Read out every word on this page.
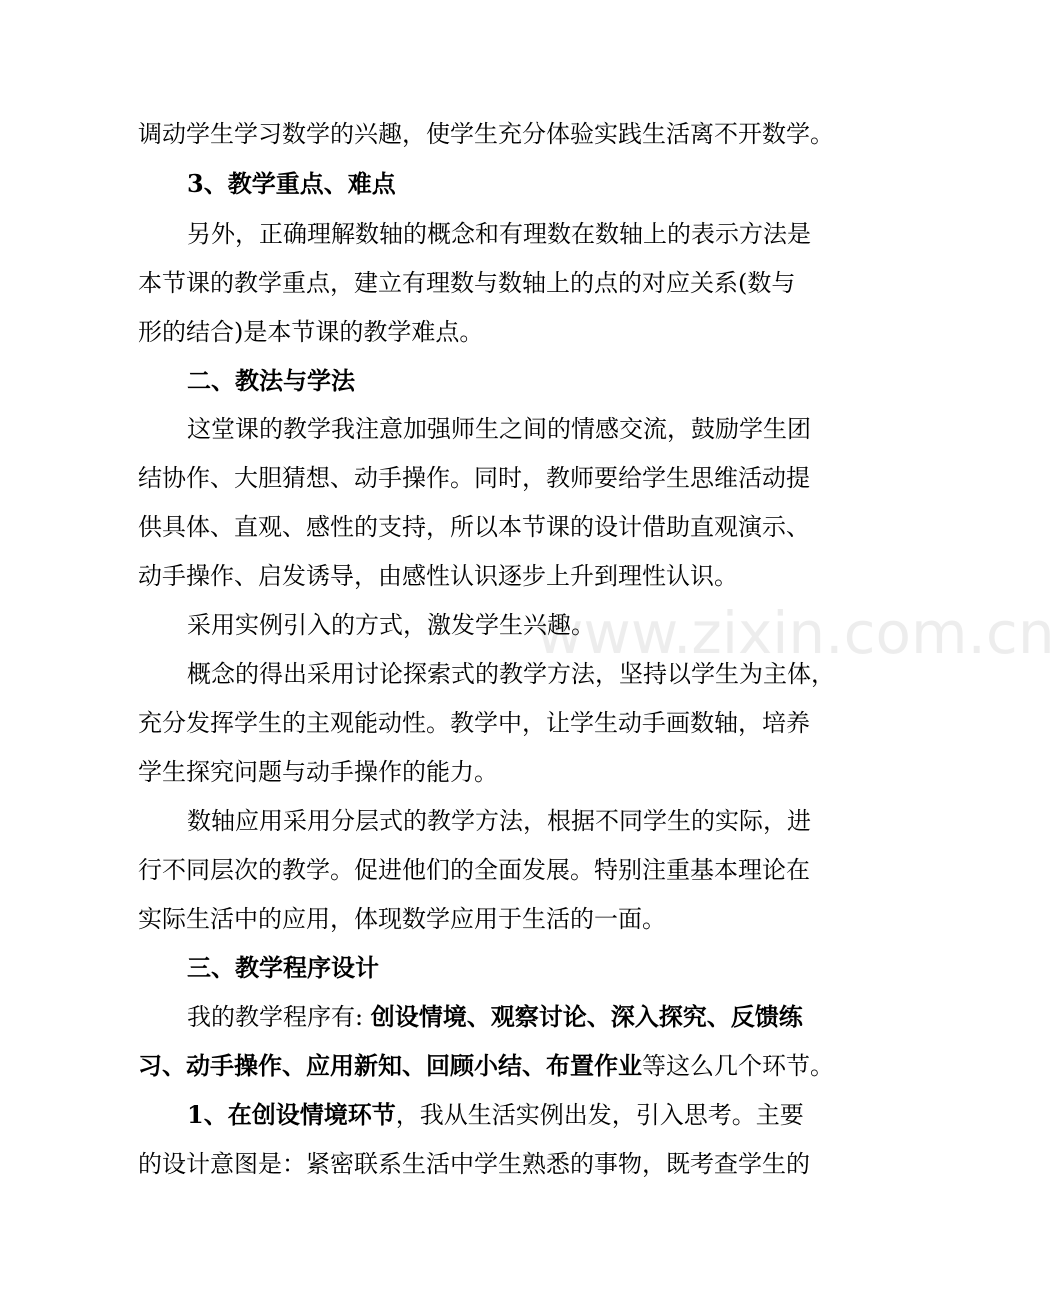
调动学生学习数学的兴趣，使学生充分体验实践生活离不开数学。
3、教学重点、难点
另外，正确理解数轴的概念和有理数在数轴上的表示方法是
本节课的教学重点，建立有理数与数轴上的点的对应关系(数与
形的结合)是本节课的教学难点。
二、教法与学法
这堂课的教学我注意加强师生之间的情感交流，鼓励学生团
结协作、大胆猜想、动手操作。同时，教师要给学生思维活动提
供具体、直观、感性的支持，所以本节课的设计借助直观演示、
动手操作、启发诱导，由感性认识逐步上升到理性认识。
采用实例引入的方式，激发学生兴趣。
概念的得出采用讨论探索式的教学方法，坚持以学生为主体，
充分发挥学生的主观能动性。教学中，让学生动手画数轴，培养
学生探究问题与动手操作的能力。
数轴应用采用分层式的教学方法，根据不同学生的实际，进
行不同层次的教学。促进他们的全面发展。特别注重基本理论在
实际生活中的应用，体现数学应用于生活的一面。
三、教学程序设计
我的教学程序有: 创设情境、观察讨论、深入探究、反馈练
习、动手操作、应用新知、回顾小结、布置作业等这么几个环节。
1、在创设情境环节，我从生活实例出发，引入思考。主要
的设计意图是：紧密联系生活中学生熟悉的事物，既考查学生的
www.zixin.com.cn
